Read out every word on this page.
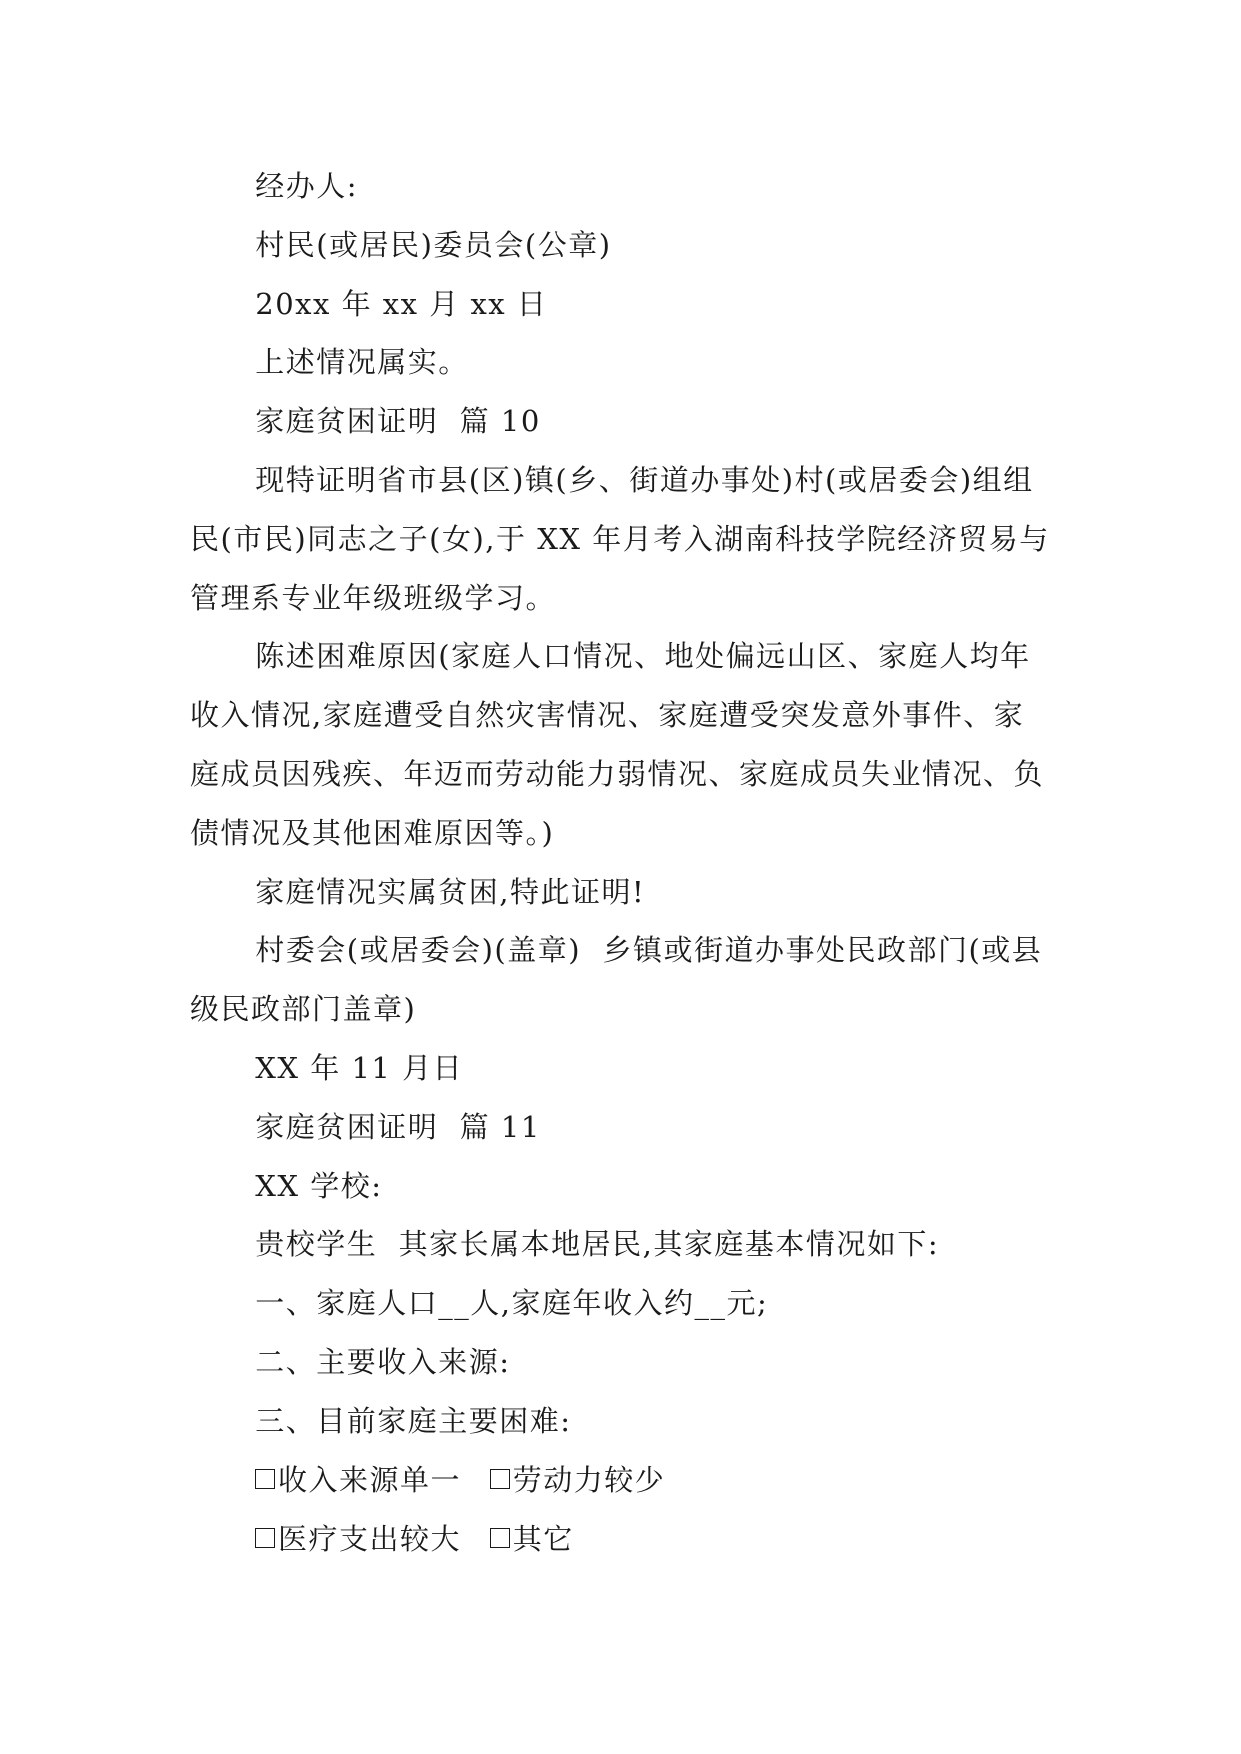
经办人:

村民(或居民)委员会(公章)

20xx 年 xx 月 xx 日

上述情况属实。

家庭贫困证明  篇 10

现特证明省市县(区)镇(乡、街道办事处)村(或居委会)组组民(市民)同志之子(女),于 XX 年月考入湖南科技学院经济贸易与管理系专业年级班级学习。

陈述困难原因(家庭人口情况、地处偏远山区、家庭人均年收入情况,家庭遭受自然灾害情况、家庭遭受突发意外事件、家庭成员因残疾、年迈而劳动能力弱情况、家庭成员失业情况、负债情况及其他困难原因等。)

家庭情况实属贫困,特此证明!

村委会(或居委会)(盖章)  乡镇或街道办事处民政部门(或县级民政部门盖章)

XX 年 11 月日

家庭贫困证明  篇 11

XX 学校:

贵校学生  其家长属本地居民,其家庭基本情况如下:

一、家庭人口__人,家庭年收入约__元;

二、主要收入来源:

三、目前家庭主要困难:

收入来源单一
劳动力较少
医疗支出较大
其它
